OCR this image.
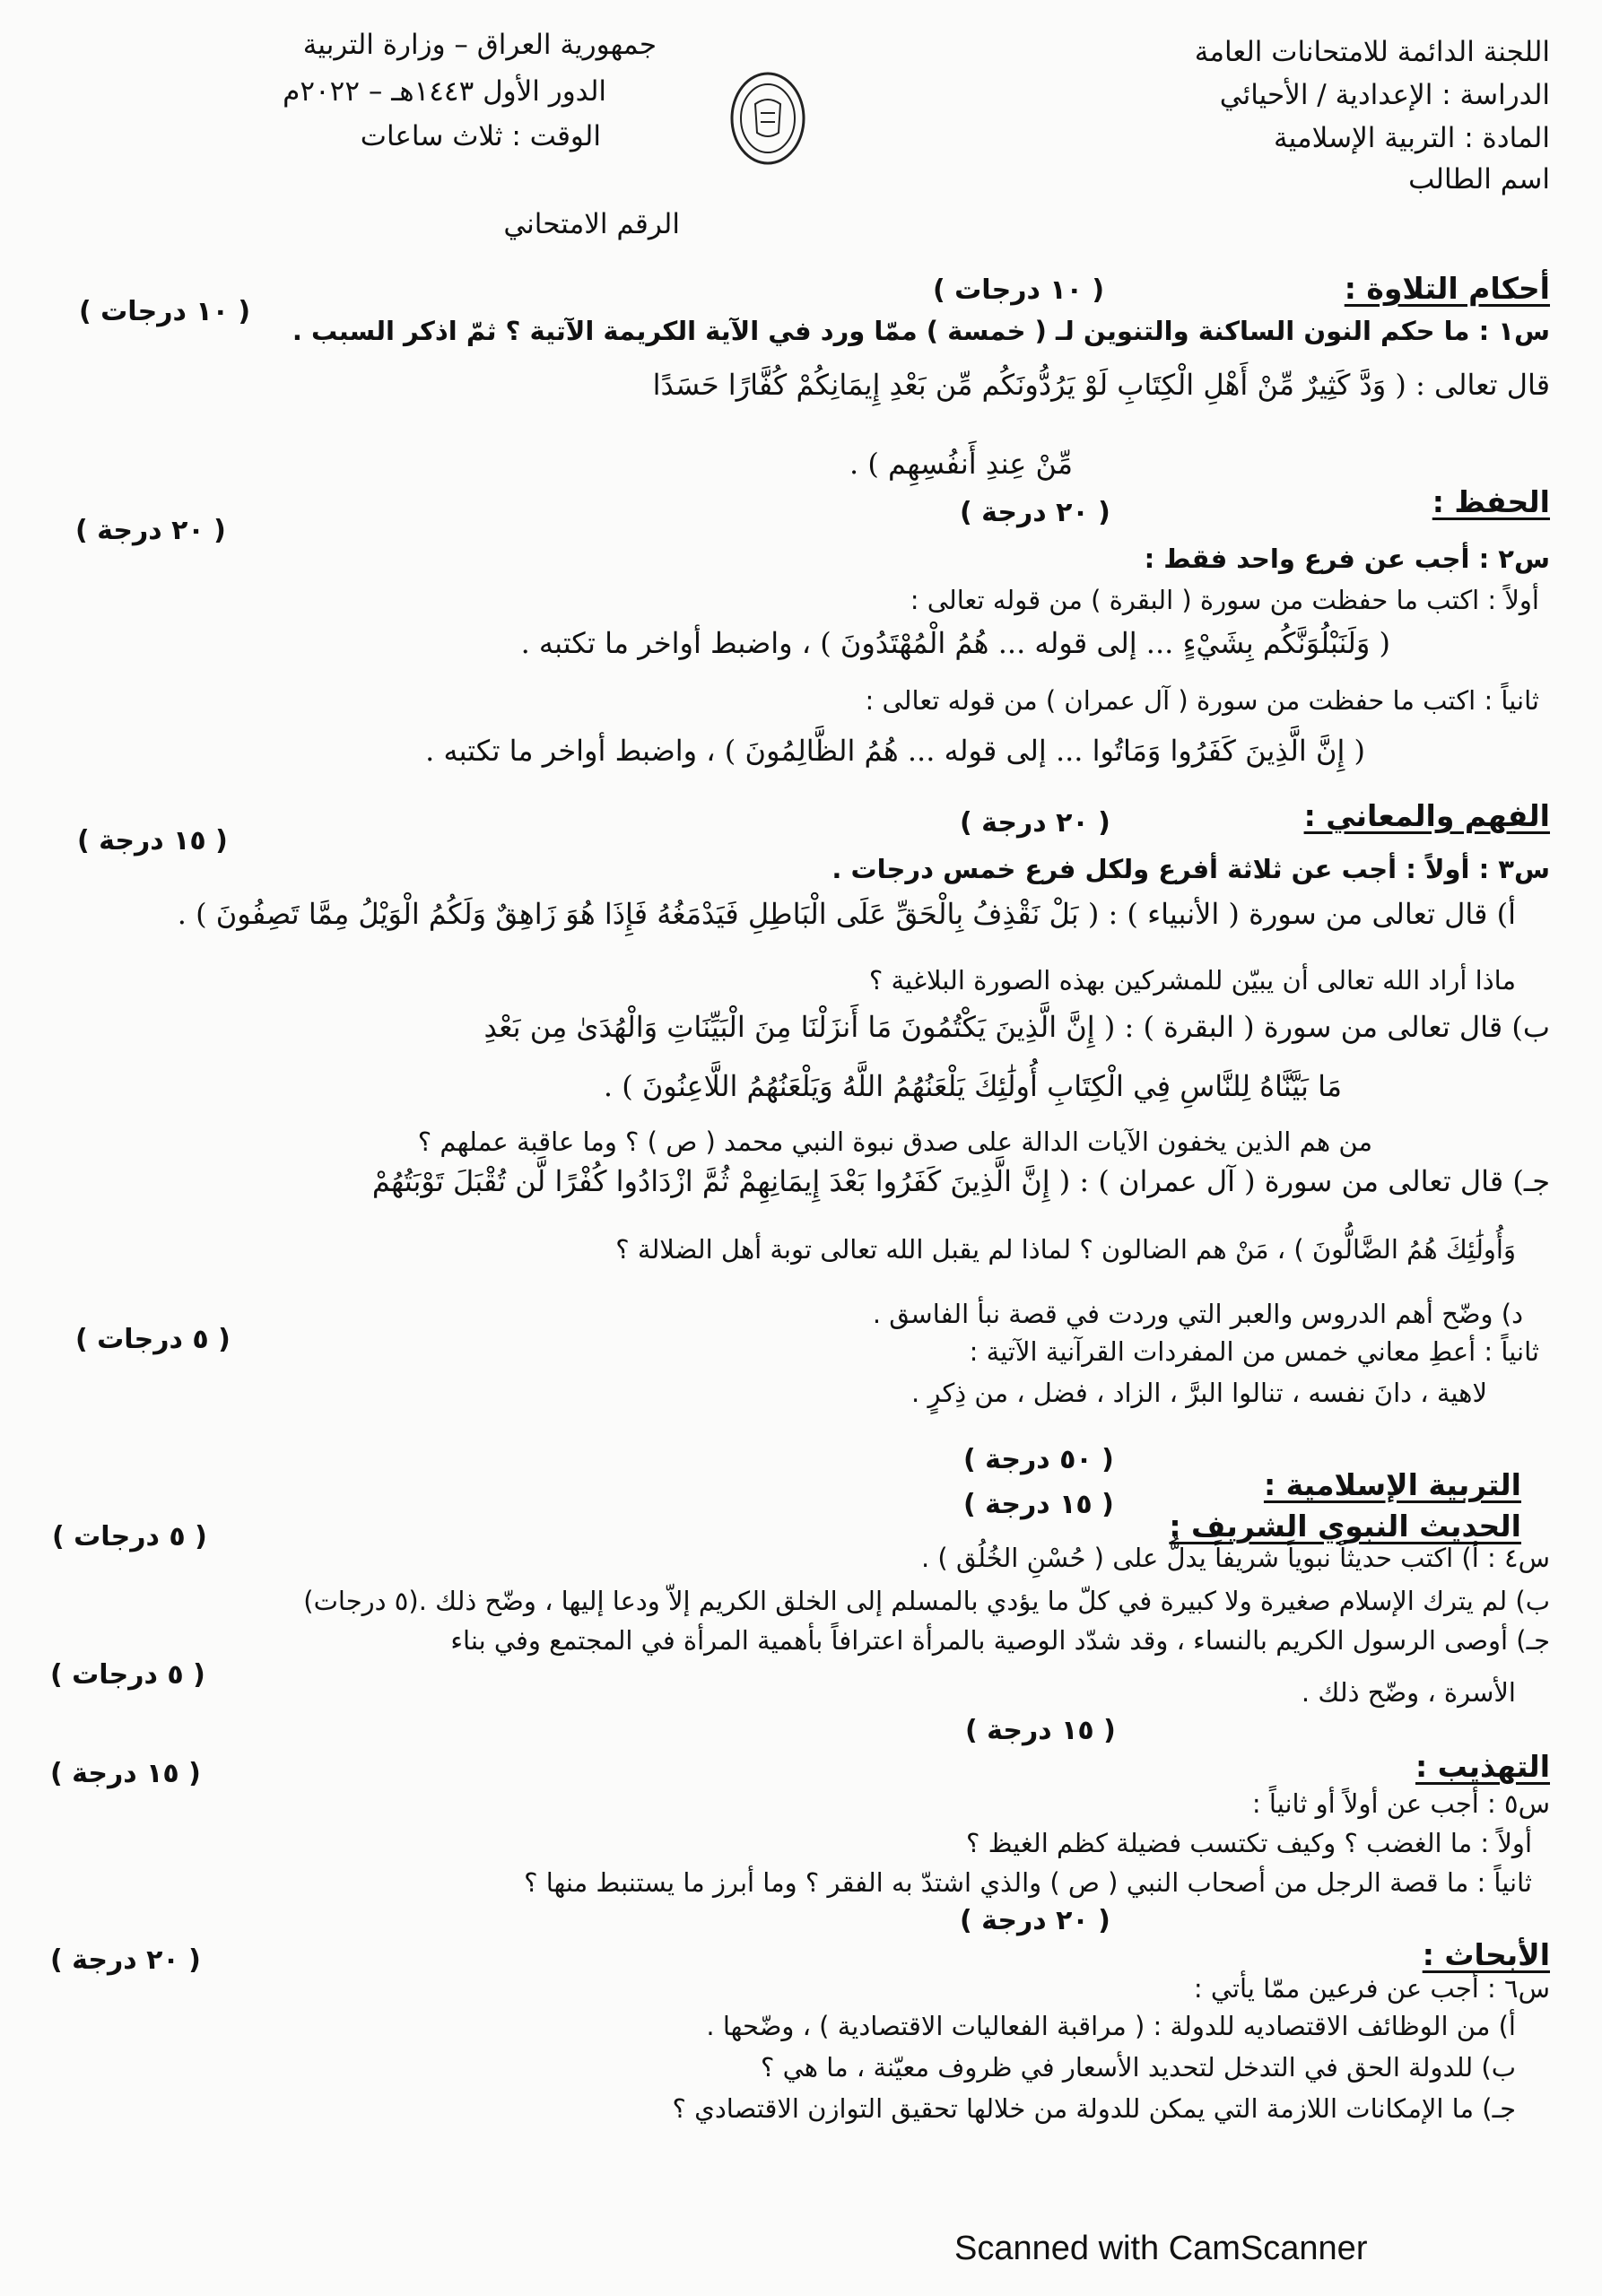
اللجنة الدائمة للامتحانات العامة
الدراسة : الإعدادية / الأحيائي
المادة : التربية الإسلامية
اسم الطالب
جمهورية العراق – وزارة التربية
الدور الأول ١٤٤٣هـ – ٢٠٢٢م
الوقت : ثلاث ساعات
الرقم الامتحاني
أحكام التلاوة :
( ١٠ درجات )
( ١٠ درجات )
س١ : ما حكم النون الساكنة والتنوين لـ ( خمسة ) ممّا ورد في الآية الكريمة الآتية ؟ ثمّ اذكر السبب .
قال تعالى : ( وَدَّ كَثِيرٌ مِّنْ أَهْلِ الْكِتَابِ لَوْ يَرُدُّونَكُم مِّن بَعْدِ إِيمَانِكُمْ كُفَّارًا حَسَدًا
مِّنْ عِندِ أَنفُسِهِم ) .
الحفظ :
( ٢٠ درجة )
( ٢٠ درجة )
س٢ : أجب عن فرع واحد فقط :
أولاً : اكتب ما حفظت من سورة ( البقرة ) من قوله تعالى :
( وَلَنَبْلُوَنَّكُم بِشَيْءٍ ... إلى قوله ... هُمُ الْمُهْتَدُونَ ) ، واضبط أواخر ما تكتبه .
ثانياً : اكتب ما حفظت من سورة ( آل عمران ) من قوله تعالى :
( إِنَّ الَّذِينَ كَفَرُوا وَمَاتُوا ... إلى قوله ... هُمُ الظَّالِمُونَ ) ، واضبط أواخر ما تكتبه .
الفهم والمعاني :
( ٢٠ درجة )
( ١٥ درجة )
س٣ : أولاً : أجب عن ثلاثة أفرع ولكل فرع خمس درجات .
أ) قال تعالى من سورة ( الأنبياء ) : ( بَلْ نَقْذِفُ بِالْحَقِّ عَلَى الْبَاطِلِ فَيَدْمَغُهُ فَإِذَا هُوَ زَاهِقٌ وَلَكُمُ الْوَيْلُ مِمَّا تَصِفُونَ ) .
ماذا أراد الله تعالى أن يبيّن للمشركين بهذه الصورة البلاغية ؟
ب) قال تعالى من سورة ( البقرة ) : ( إِنَّ الَّذِينَ يَكْتُمُونَ مَا أَنزَلْنَا مِنَ الْبَيِّنَاتِ وَالْهُدَىٰ مِن بَعْدِ
مَا بَيَّنَّاهُ لِلنَّاسِ فِي الْكِتَابِ أُولَٰئِكَ يَلْعَنُهُمُ اللَّهُ وَيَلْعَنُهُمُ اللَّاعِنُونَ ) .
من هم الذين يخفون الآيات الدالة على صدق نبوة النبي محمد ( ص ) ؟ وما عاقبة عملهم ؟
جـ) قال تعالى من سورة ( آل عمران ) : ( إِنَّ الَّذِينَ كَفَرُوا بَعْدَ إِيمَانِهِمْ ثُمَّ ازْدَادُوا كُفْرًا لَّن تُقْبَلَ تَوْبَتُهُمْ
وَأُولَٰئِكَ هُمُ الضَّالُّونَ ) ، مَنْ هم الضالون ؟ لماذا لم يقبل الله تعالى توبة أهل الضلالة ؟
( ٥ درجات )
د) وضّح أهم الدروس والعبر التي وردت في قصة نبأ الفاسق .
ثانياً : أعطِ معاني خمس من المفردات القرآنية الآتية :
لاهية ، دانَ نفسه ، تنالوا البرَّ ، الزاد ، فضل ، من ذِكرٍ .
التربية الإسلامية :
( ٥٠ درجة )
الحديث النبوي الشريف :
( ١٥ درجة )
( ٥ درجات )
س٤ : أ) اكتب حديثاً نبوياً شريفاً يدلُّ على ( حُسْنِ الخُلُق ) .
ب) لم يترك الإسلام صغيرة ولا كبيرة في كلّ ما يؤدي بالمسلم إلى الخلق الكريم إلاّ ودعا إليها ، وضّح ذلك .(٥ درجات)
جـ) أوصى الرسول الكريم بالنساء ، وقد شدّد الوصية بالمرأة اعترافاً بأهمية المرأة في المجتمع وفي بناء
( ٥ درجات )
الأسرة ، وضّح ذلك .
( ١٥ درجة )
التهذيب :
( ١٥ درجة )
س٥ : أجب عن أولاً أو ثانياً :
أولاً : ما الغضب ؟ وكيف تكتسب فضيلة كظم الغيظ ؟
ثانياً : ما قصة الرجل من أصحاب النبي ( ص ) والذي اشتدّ به الفقر ؟ وما أبرز ما يستنبط منها ؟
( ٢٠ درجة )
الأبحاث :
( ٢٠ درجة )
س٦ : أجب عن فرعين ممّا يأتي :
أ) من الوظائف الاقتصاديه للدولة : ( مراقبة الفعاليات الاقتصادية ) ، وضّحها .
ب) للدولة الحق في التدخل لتحديد الأسعار في ظروف معيّنة ، ما هي ؟
جـ) ما الإمكانات اللازمة التي يمكن للدولة من خلالها تحقيق التوازن الاقتصادي ؟
Scanned with CamScanner
